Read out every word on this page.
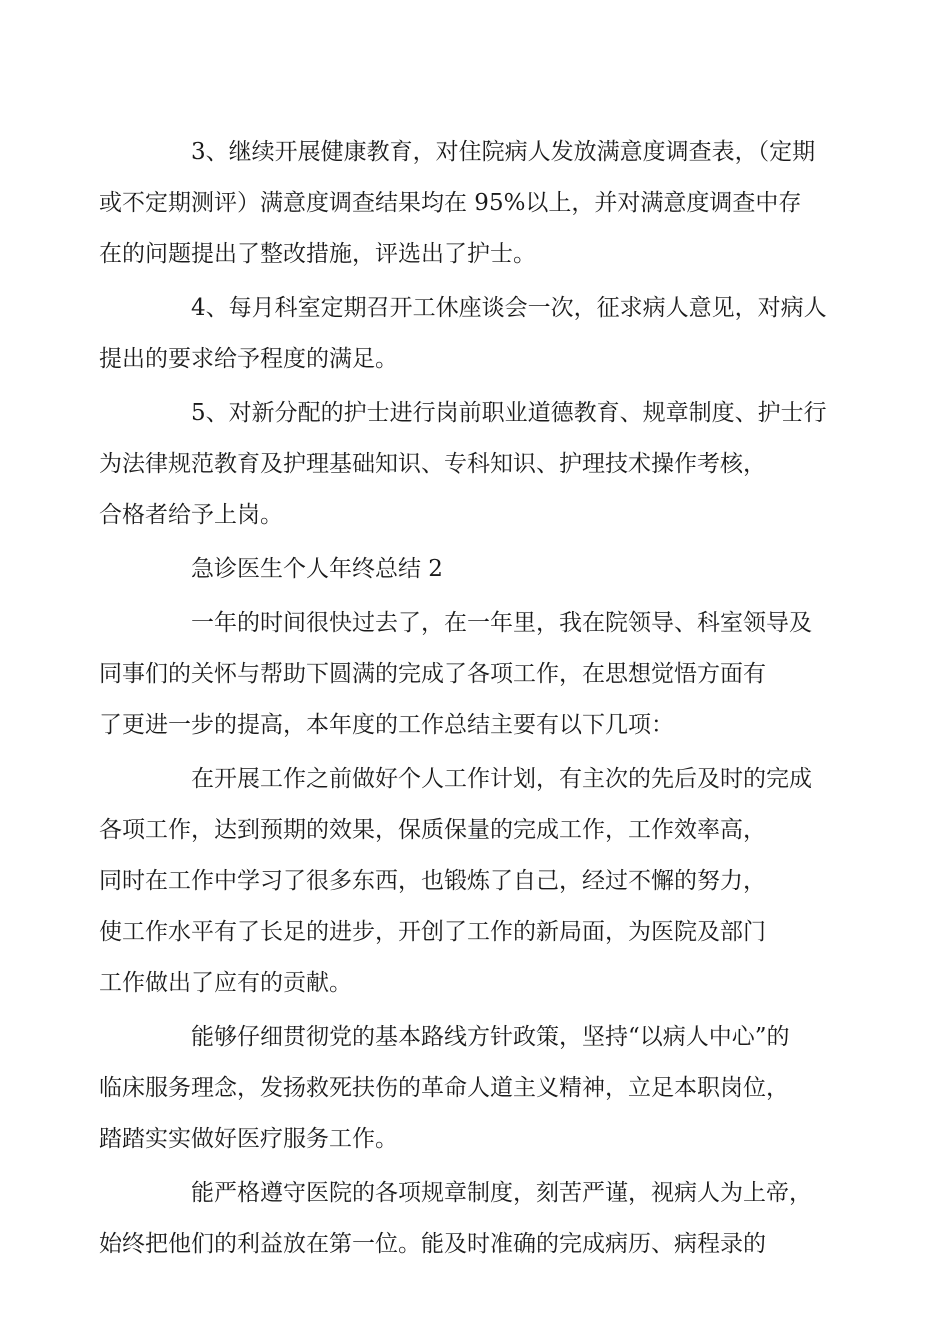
3、继续开展健康教育，对住院病人发放满意度调查表，（定期
或不定期测评）满意度调查结果均在 95%以上，并对满意度调查中存
在的问题提出了整改措施，评选出了护士。
4、每月科室定期召开工休座谈会一次，征求病人意见，对病人
提出的要求给予程度的满足。
5、对新分配的护士进行岗前职业道德教育、规章制度、护士行
为法律规范教育及护理基础知识、专科知识、护理技术操作考核，
合格者给予上岗。
急诊医生个人年终总结 2
一年的时间很快过去了，在一年里，我在院领导、科室领导及
同事们的关怀与帮助下圆满的完成了各项工作，在思想觉悟方面有
了更进一步的提高，本年度的工作总结主要有以下几项：
在开展工作之前做好个人工作计划，有主次的先后及时的完成
各项工作，达到预期的效果，保质保量的完成工作，工作效率高，
同时在工作中学习了很多东西，也锻炼了自己，经过不懈的努力，
使工作水平有了长足的进步，开创了工作的新局面，为医院及部门
工作做出了应有的贡献。
能够仔细贯彻党的基本路线方针政策，坚持“以病人中心”的
临床服务理念，发扬救死扶伤的革命人道主义精神，立足本职岗位，
踏踏实实做好医疗服务工作。
能严格遵守医院的各项规章制度，刻苦严谨，视病人为上帝，
始终把他们的利益放在第一位。能及时准确的完成病历、病程录的
